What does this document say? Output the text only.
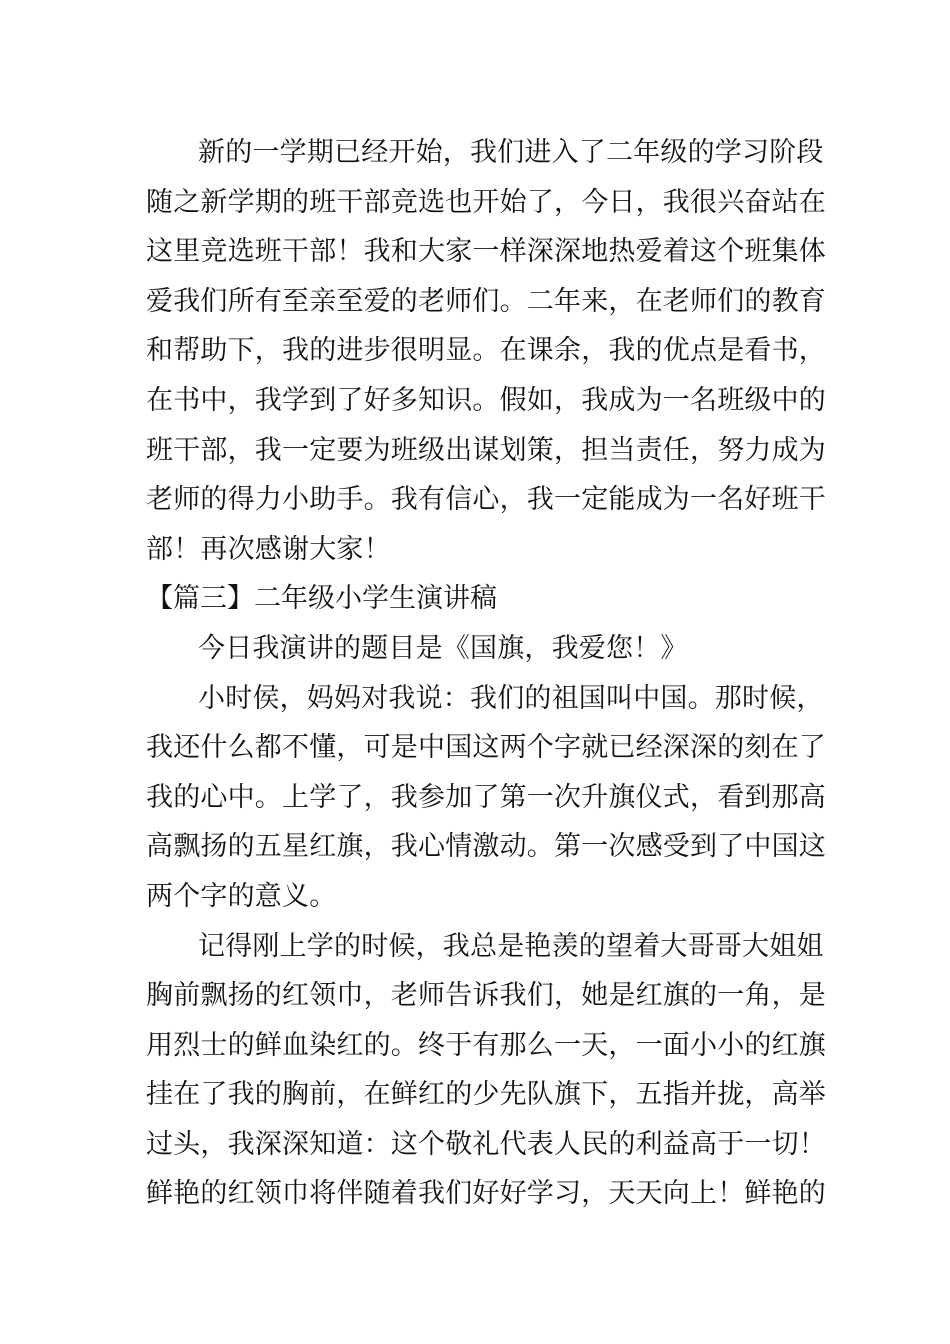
新的一学期已经开始，我们进入了二年级的学习阶段
随之新学期的班干部竞选也开始了，今日，我很兴奋站在
这里竞选班干部！我和大家一样深深地热爱着这个班集体
爱我们所有至亲至爱的老师们。二年来，在老师们的教育
和帮助下，我的进步很明显。在课余，我的优点是看书，
在书中，我学到了好多知识。假如，我成为一名班级中的
班干部，我一定要为班级出谋划策，担当责任，努力成为
老师的得力小助手。我有信心，我一定能成为一名好班干
部！再次感谢大家！
【篇三】二年级小学生演讲稿
今日我演讲的题目是《国旗，我爱您！》
小时侯，妈妈对我说：我们的祖国叫中国。那时候，
我还什么都不懂，可是中国这两个字就已经深深的刻在了
我的心中。上学了，我参加了第一次升旗仪式，看到那高
高飘扬的五星红旗，我心情激动。第一次感受到了中国这
两个字的意义。
记得刚上学的时候，我总是艳羡的望着大哥哥大姐姐
胸前飘扬的红领巾，老师告诉我们，她是红旗的一角，是
用烈士的鲜血染红的。终于有那么一天，一面小小的红旗
挂在了我的胸前，在鲜红的少先队旗下，五指并拢，高举
过头，我深深知道：这个敬礼代表人民的利益高于一切！
鲜艳的红领巾将伴随着我们好好学习，天天向上！鲜艳的
